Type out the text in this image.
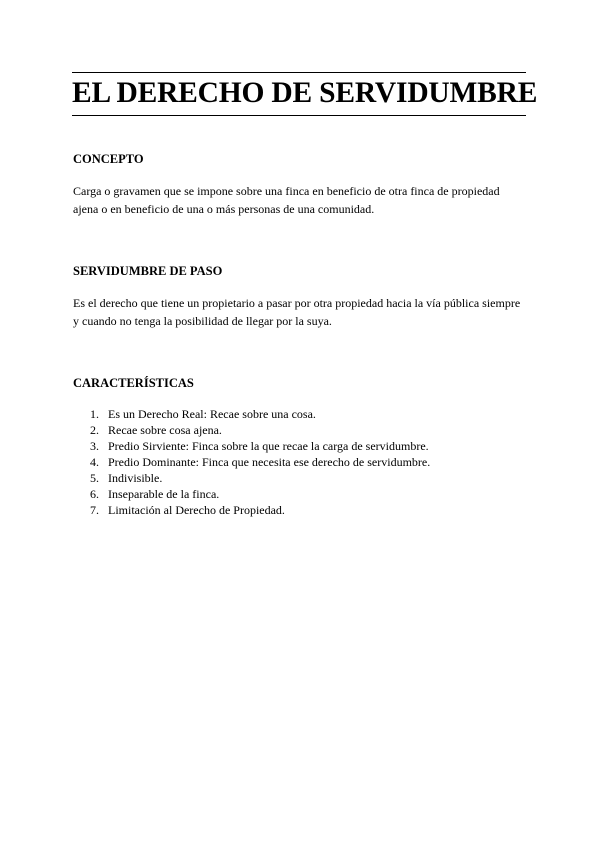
EL DERECHO DE SERVIDUMBRE
CONCEPTO

Carga o gravamen que se impone sobre una finca en beneficio de otra finca de propiedad
ajena o en beneficio de una o más personas de una comunidad.

SERVIDUMBRE DE PASO

Es el derecho que tiene un propietario a pasar por otra propiedad hacia la vía pública siempre
y cuando no tenga la posibilidad de llegar por la suya.

CARACTERÍSTICAS
1. Es un Derecho Real: Recae sobre una cosa.
2. Recae sobre cosa ajena.
3. Predio Sirviente: Finca sobre la que recae la carga de servidumbre.
4. Predio Dominante: Finca que necesita ese derecho de servidumbre.
5. Indivisible.
6. Inseparable de la finca.
7. Limitación al Derecho de Propiedad.
